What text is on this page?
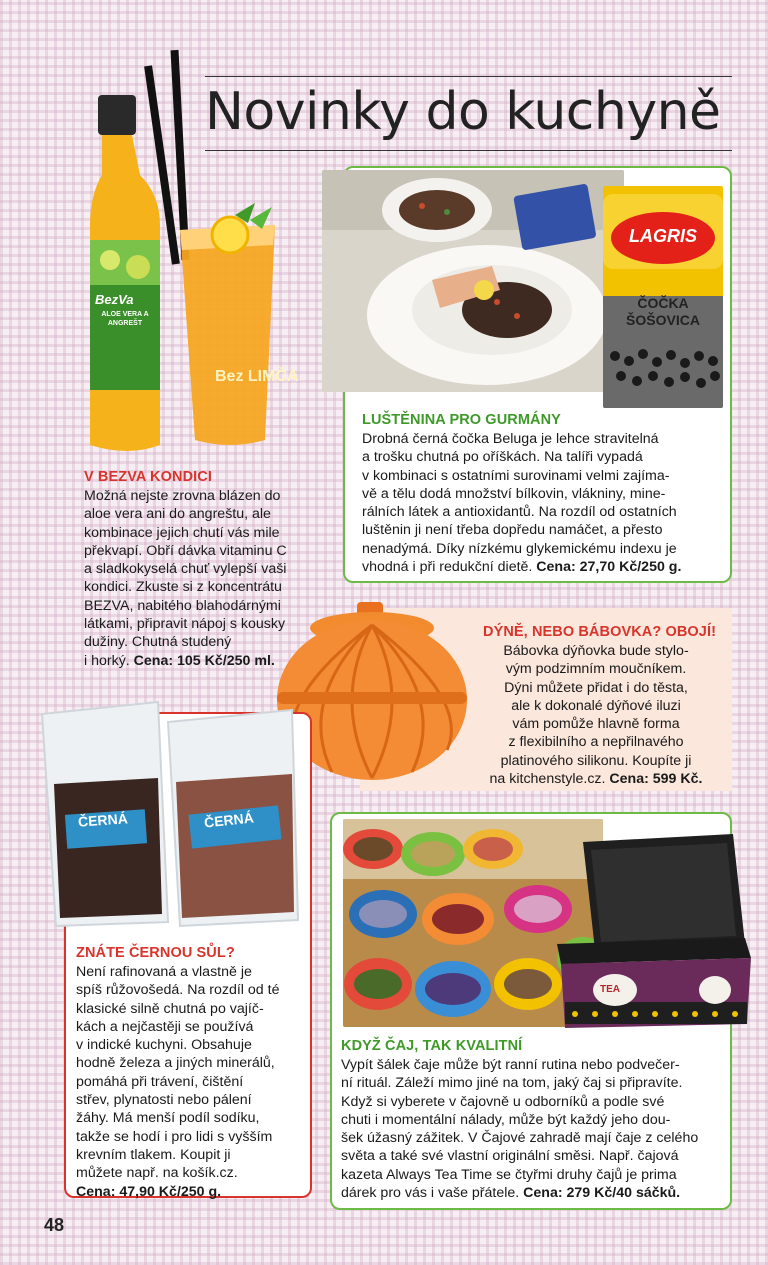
Novinky do kuchyně
BezVa
ALOE VERA A ANGREŠT
Bez LIMČA
V BEZVA KONDICI
Možná nejste zrovna blázen do
aloe vera ani do angreštu, ale
kombinace jejich chutí vás mile
překvapí. Obří dávka vitaminu C
a sladkokyselá chuť vylepší vaši
kondici. Zkuste si z koncentrátu
BEZVA, nabitého blahodárnými
látkami, připravit nápoj s kousky
dužiny. Chutná studený
i horký. Cena: 105 Kč/250 ml.
LAGRIS
ČOČKA
ŠOŠOVICA
LUŠTĚNINA PRO GURMÁNY
Drobná černá čočka Beluga je lehce stravitelná
a trošku chutná po oříškách. Na talíři vypadá
v kombinaci s ostatními surovinami velmi zajíma-
vě a tělu dodá množství bílkovin, vlákniny, mine-
rálních látek a antioxidantů. Na rozdíl od ostatních
luštěnin ji není třeba dopředu namáčet, a přesto
nenadýmá. Díky nízkému glykemickému indexu je
vhodná i při redukční dietě. Cena: 27,70 Kč/250 g.
DÝNĚ, NEBO BÁBOVKA? OBOJÍ!
Bábovka dýňovka bude stylo-
vým podzimním moučníkem.
Dýni můžete přidat i do těsta,
ale k dokonalé dýňové iluzi
vám pomůže hlavně forma
z flexibilního a nepřilnavého
platinového silikonu. Koupíte ji
na kitchenstyle.cz. Cena: 599 Kč.
ČERNÁ	ČERNÁ
ZNÁTE ČERNOU SŮL?
Není rafinovaná a vlastně je
spíš růžovošedá. Na rozdíl od té
klasické silně chutná po vajíč-
kách a nejčastěji se používá
v indické kuchyni. Obsahuje
hodně železa a jiných minerálů,
pomáhá při trávení, čištění
střev, plynatosti nebo pálení
žáhy. Má menší podíl sodíku,
takže se hodí i pro lidi s vyšším
krevním tlakem. Koupit ji
můžete např. na košík.cz.
Cena: 47,90 Kč/250 g.
TEA
KDYŽ ČAJ, TAK KVALITNÍ
Vypít šálek čaje může být ranní rutina nebo podvečer-
ní rituál. Záleží mimo jiné na tom, jaký čaj si připravíte.
Když si vyberete v čajovně u odborníků a podle své
chuti i momentální nálady, může být každý jeho dou-
šek úžasný zážitek. V Čajové zahradě mají čaje z celého
světa a také své vlastní originální směsi. Např. čajová
kazeta Always Tea Time se čtyřmi druhy čajů je prima
dárek pro vás i vaše přátele. Cena: 279 Kč/40 sáčků.
48
